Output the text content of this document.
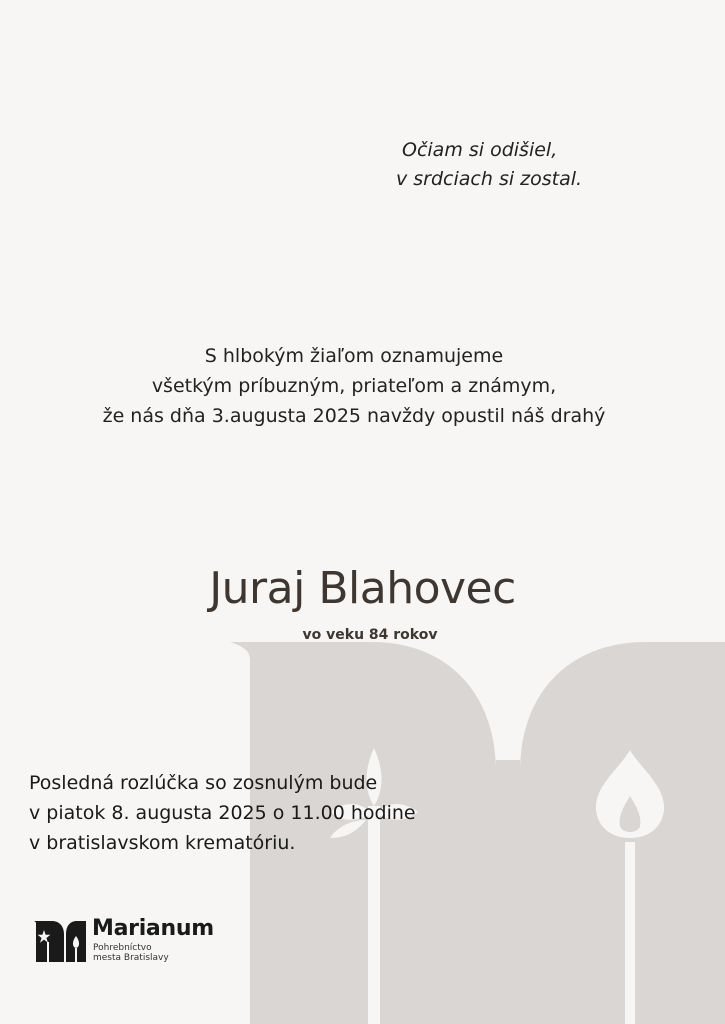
Očiam si odišiel,
v srdciach si zostal.
S hlbokým žiaľom oznamujeme
všetkým príbuzným, priateľom a známym,
že nás dňa 3.augusta 2025 navždy opustil náš drahý
Juraj Blahovec
vo veku 84 rokov
Posledná rozlúčka so zosnulým bude
v piatok 8. augusta 2025 o 11.00 hodine
v bratislavskom krematóriu.
Marianum
Pohrebníctvo
mesta Bratislavy
